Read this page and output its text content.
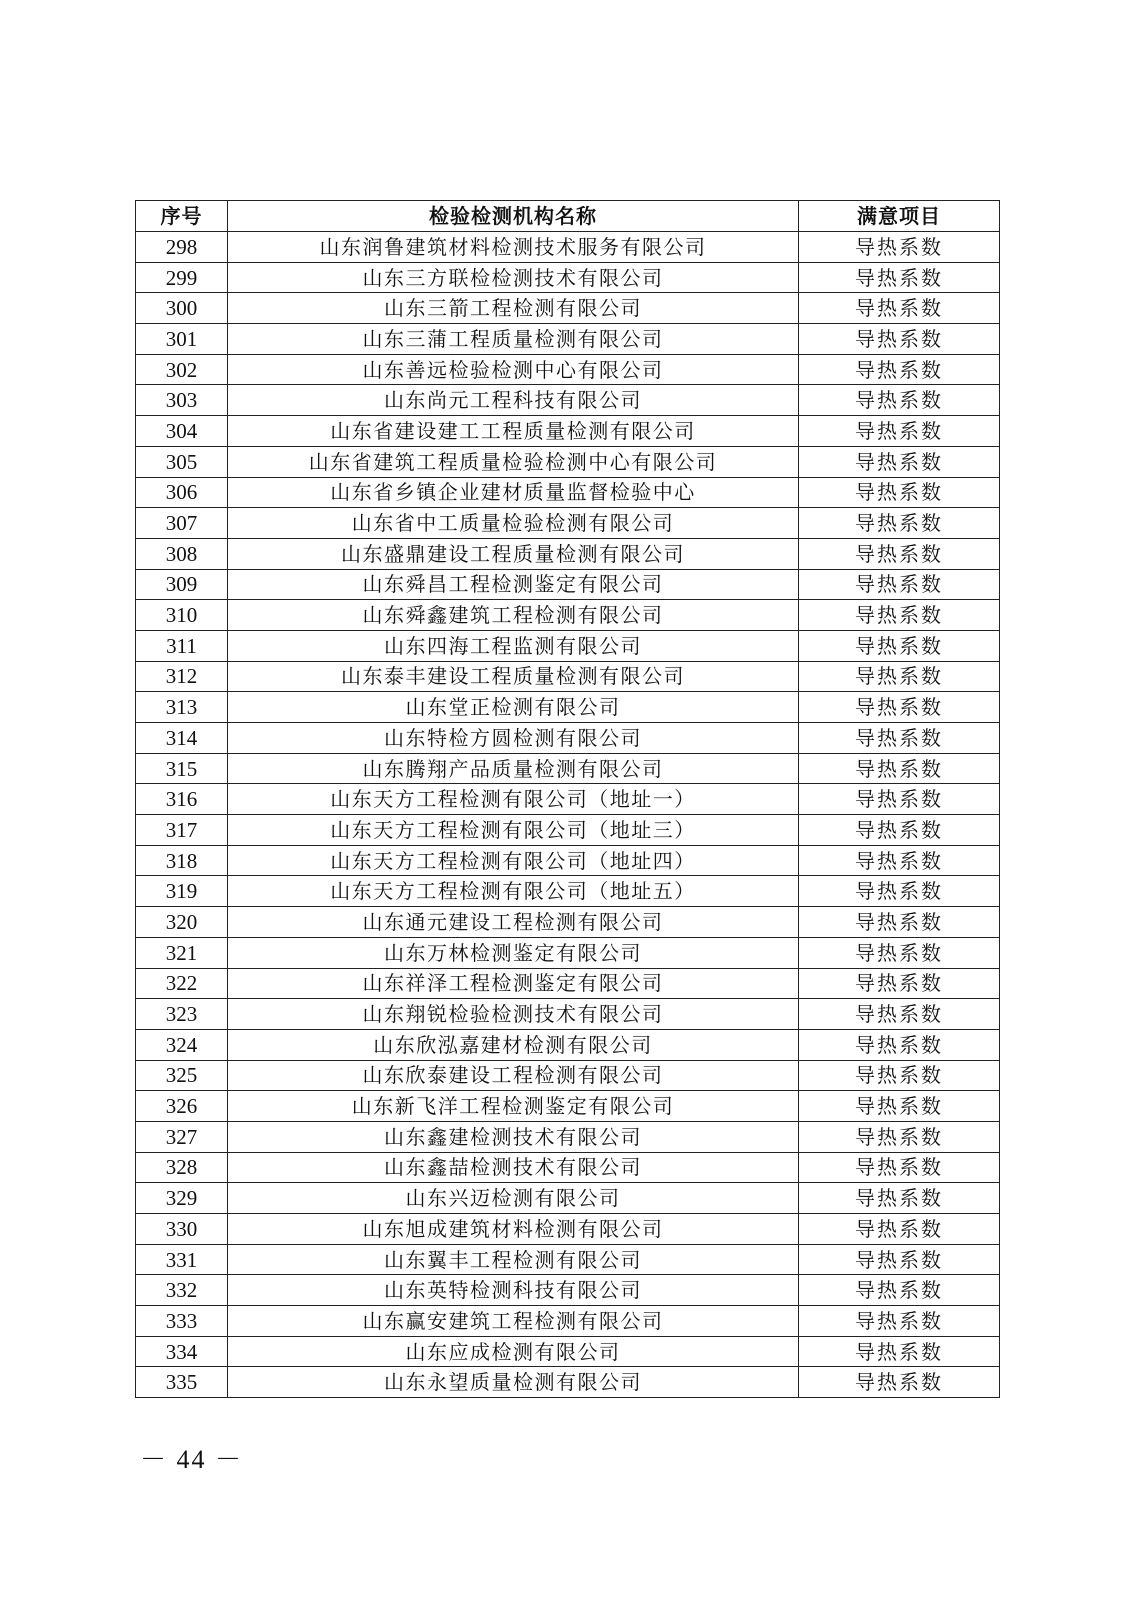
序号	检验检测机构名称	满意项目
298	山东润鲁建筑材料检测技术服务有限公司	导热系数
299	山东三方联检检测技术有限公司	导热系数
300	山东三箭工程检测有限公司	导热系数
301	山东三蒲工程质量检测有限公司	导热系数
302	山东善远检验检测中心有限公司	导热系数
303	山东尚元工程科技有限公司	导热系数
304	山东省建设建工工程质量检测有限公司	导热系数
305	山东省建筑工程质量检验检测中心有限公司	导热系数
306	山东省乡镇企业建材质量监督检验中心	导热系数
307	山东省中工质量检验检测有限公司	导热系数
308	山东盛鼎建设工程质量检测有限公司	导热系数
309	山东舜昌工程检测鉴定有限公司	导热系数
310	山东舜鑫建筑工程检测有限公司	导热系数
311	山东四海工程监测有限公司	导热系数
312	山东泰丰建设工程质量检测有限公司	导热系数
313	山东堂正检测有限公司	导热系数
314	山东特检方圆检测有限公司	导热系数
315	山东腾翔产品质量检测有限公司	导热系数
316	山东天方工程检测有限公司（地址一）	导热系数
317	山东天方工程检测有限公司（地址三）	导热系数
318	山东天方工程检测有限公司（地址四）	导热系数
319	山东天方工程检测有限公司（地址五）	导热系数
320	山东通元建设工程检测有限公司	导热系数
321	山东万林检测鉴定有限公司	导热系数
322	山东祥泽工程检测鉴定有限公司	导热系数
323	山东翔锐检验检测技术有限公司	导热系数
324	山东欣泓嘉建材检测有限公司	导热系数
325	山东欣泰建设工程检测有限公司	导热系数
326	山东新飞洋工程检测鉴定有限公司	导热系数
327	山东鑫建检测技术有限公司	导热系数
328	山东鑫喆检测技术有限公司	导热系数
329	山东兴迈检测有限公司	导热系数
330	山东旭成建筑材料检测有限公司	导热系数
331	山东翼丰工程检测有限公司	导热系数
332	山东英特检测科技有限公司	导热系数
333	山东赢安建筑工程检测有限公司	导热系数
334	山东应成检测有限公司	导热系数
335	山东永望质量检测有限公司	导热系数
－ 44 －
